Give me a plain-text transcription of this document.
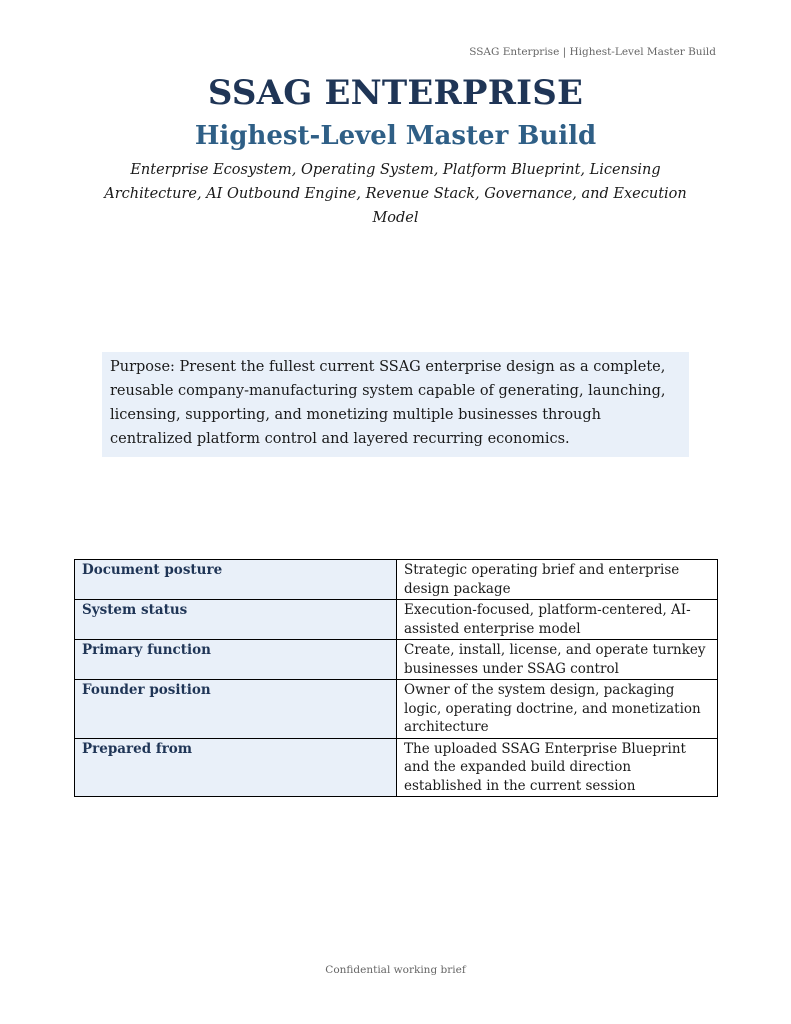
SSAG Enterprise | Highest-Level Master Build
SSAG ENTERPRISE
Highest-Level Master Build
Enterprise Ecosystem, Operating System, Platform Blueprint, Licensing Architecture, AI Outbound Engine, Revenue Stack, Governance, and Execution Model
Purpose: Present the fullest current SSAG enterprise design as a complete, reusable company-manufacturing system capable of generating, launching, licensing, supporting, and monetizing multiple businesses through centralized platform control and layered recurring economics.
Document posture	Strategic operating brief and enterprise design package
System status	Execution-focused, platform-centered, AI-assisted enterprise model
Primary function	Create, install, license, and operate turnkey businesses under SSAG control
Founder position	Owner of the system design, packaging logic, operating doctrine, and monetization architecture
Prepared from	The uploaded SSAG Enterprise Blueprint and the expanded build direction established in the current session
Confidential working brief
